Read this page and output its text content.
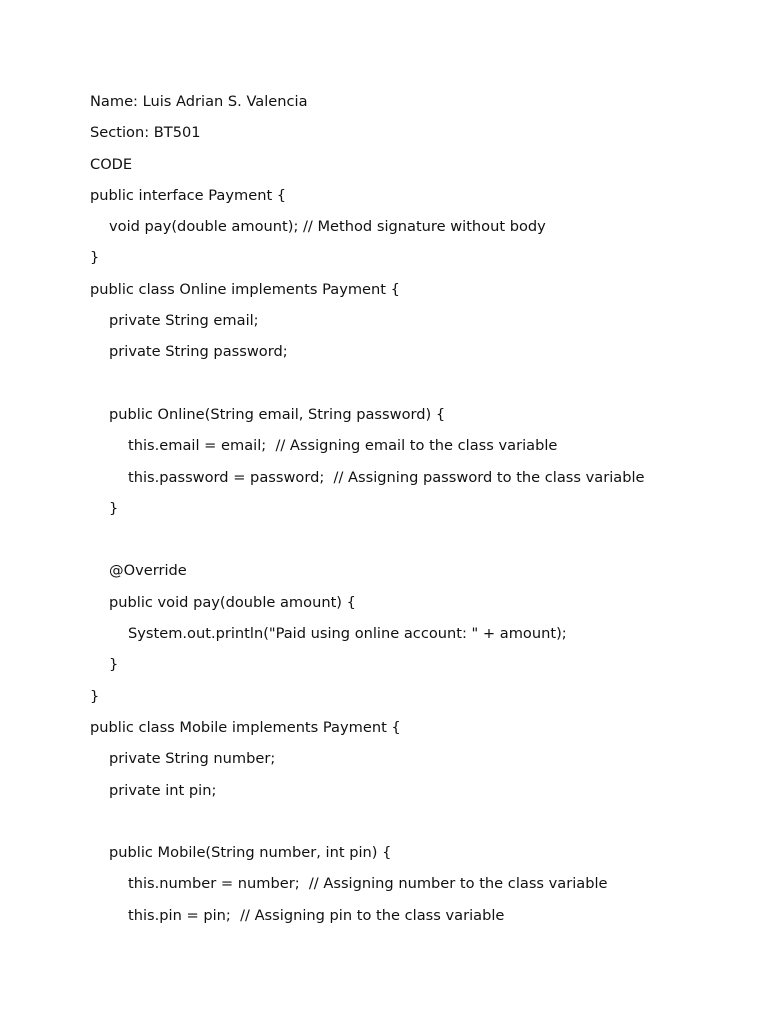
Name: Luis Adrian S. Valencia
Section: BT501
CODE
public interface Payment {
void pay(double amount); // Method signature without body
}
public class Online implements Payment {
private String email;
private String password;
public Online(String email, String password) {
this.email = email;  // Assigning email to the class variable
this.password = password;  // Assigning password to the class variable
}
@Override
public void pay(double amount) {
System.out.println("Paid using online account: " + amount);
}
}
public class Mobile implements Payment {
private String number;
private int pin;
public Mobile(String number, int pin) {
this.number = number;  // Assigning number to the class variable
this.pin = pin;  // Assigning pin to the class variable
